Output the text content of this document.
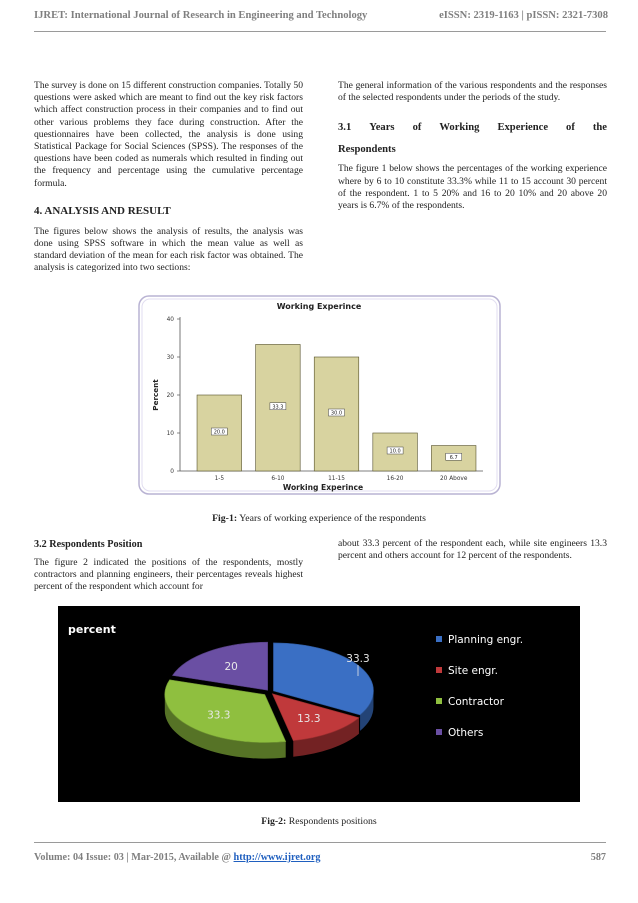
IJRET: International Journal of Research in Engineering and Technology	eISSN: 2319-1163 | pISSN: 2321-7308

The survey is done on 15 different construction companies. Totally 50 questions were asked which are meant to find out the key risk factors which affect construction process in their companies and to find out other various problems they face during construction. After the questionnaires have been collected, the analysis is done using Statistical Package for Social Sciences (SPSS). The responses of the questions have been coded as numerals which resulted in finding out the frequency and percentage using the cumulative percentage formula.

4. ANALYSIS AND RESULT

The figures below shows the analysis of results, the analysis was done using SPSS software in which the mean value as well as standard deviation of the mean for each risk factor was obtained. The analysis is categorized into two sections:

The general information of the various respondents and the responses of the selected respondents under the periods of the study.

3.1 Years of Working Experience of the
Respondents

The figure 1 below shows the percentages of the working experience where by 6 to 10 constitute 33.3% while 11 to 15 account 30 percent of the respondent. 1 to 5 20% and 16 to 20 10% and 20 above 20 years is 6.7% of the respondents.

Working Experince
Working Experince
Percent
0
10
20
30
40
1-5
20.0
6-10
33.3
11-15
30.0
16-20
10.0
20 Above
6.7
Fig-1: Years of working experience of the respondents
3.2 Respondents Position

The figure 2 indicated the positions of the respondents, mostly contractors and planning engineers, their percentages reveals highest percent of the respondent which account for

about 33.3 percent of the respondent each, while site engineers 13.3 percent and others account for 12 percent of the respondents.

percent
33.3
13.3
33.3
20
Planning engr.
Site engr.
Contractor
Others
Fig-2: Respondents positions
Volume: 04 Issue: 03 | Mar-2015, Available @ http://www.ijret.org	587
